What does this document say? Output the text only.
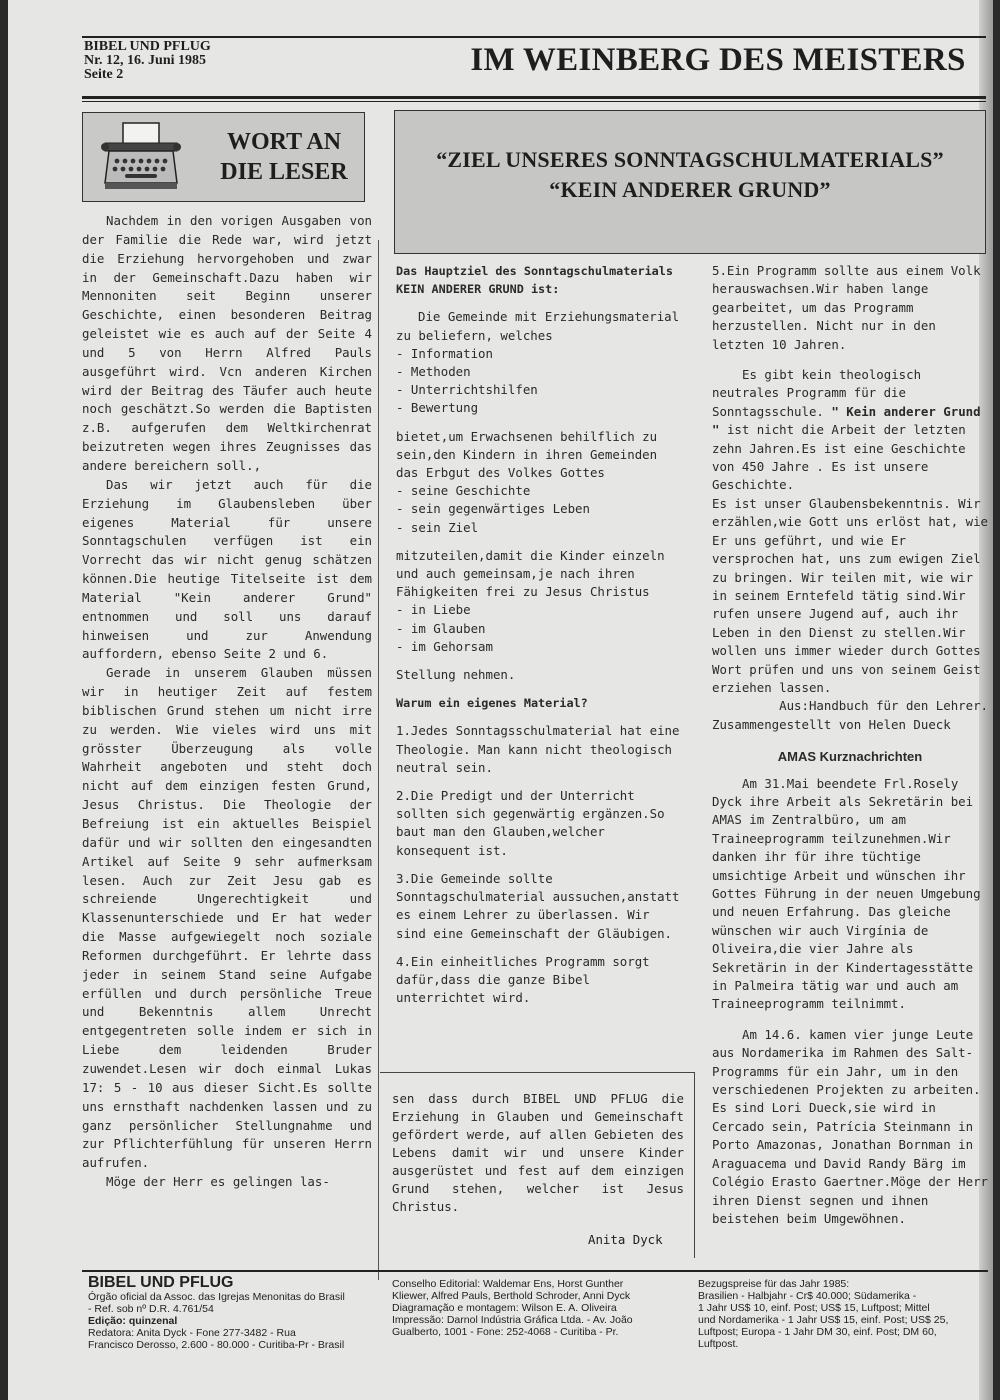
BIBEL UND PFLUG
Nr. 12, 16. Juni 1985
Seite 2	IM WEINBERG DES MEISTERS
WORT AN
DIE LESER	“ZIEL UNSERES SONNTAGSCHULMATERIALS”
“KEIN ANDERER GRUND”

Nachdem in den vorigen Ausgaben von der Familie die Rede war, wird jetzt die Erziehung hervorgehoben und zwar in der Gemeinschaft.Dazu haben wir Mennoniten seit Beginn unserer Geschichte, einen besonderen Beitrag geleistet wie es auch auf der Seite 4 und 5 von Herrn Alfred Pauls ausgeführt wird. Vcn anderen Kirchen wird der Beitrag des Täufer auch heute noch geschätzt.So werden die Baptisten z.B. aufgerufen dem Weltkirchenrat beizutreten wegen ihres Zeugnisses das andere bereichern soll.,

Das wir jetzt auch für die Erziehung im Glaubensleben über eigenes Material für unsere Sonntagschulen verfügen ist ein Vorrecht das wir nicht genug schätzen können.Die heutige Titelseite ist dem Material "Kein anderer Grund" entnommen und soll uns darauf hinweisen und zur Anwendung auffordern, ebenso Seite 2 und 6.

Gerade in unserem Glauben müssen wir in heutiger Zeit auf festem biblischen Grund stehen um nicht irre zu werden. Wie vieles wird uns mit grösster Überzeugung als volle Wahrheit angeboten und steht doch nicht auf dem einzigen festen Grund, Jesus Christus. Die Theologie der Befreiung ist ein aktuelles Beispiel dafür und wir sollten den eingesandten Artikel auf Seite 9 sehr aufmerksam lesen. Auch zur Zeit Jesu gab es schreiende Ungerechtigkeit und Klassenunterschiede und Er hat weder die Masse aufgewiegelt noch soziale Reformen durchgeführt. Er lehrte dass jeder in seinem Stand seine Aufgabe erfüllen und durch persönliche Treue und Bekenntnis allem Unrecht entgegentreten solle indem er sich in Liebe dem leidenden Bruder zuwendet.Lesen wir doch einmal Lukas 17: 5 - 10 aus dieser Sicht.Es sollte uns ernsthaft nachdenken lassen und zu ganz persönlicher Stellungnahme und zur Pflichterfühlung für unseren Herrn aufrufen.

Möge der Herr es gelingen las-

Das Hauptziel des Sonntagschulmaterials KEIN ANDERER GRUND ist:
Die Gemeinde mit Erziehungsmaterial zu beliefern, welches
- Information
- Methoden
- Unterrichtshilfen
- Bewertung
bietet,um Erwachsenen behilflich zu sein,den Kindern in ihren Gemeinden das Erbgut des Volkes Gottes
- seine Geschichte
- sein gegenwärtiges Leben
- sein Ziel
mitzuteilen,damit die Kinder einzeln und auch gemeinsam,je nach ihren Fähigkeiten frei zu Jesus Christus
- in Liebe
- im Glauben
- im Gehorsam
Stellung nehmen.
Warum ein eigenes Material?
1.Jedes Sonntagsschulmaterial hat eine Theologie. Man kann nicht theologisch neutral sein.
2.Die Predigt und der Unterricht sollten sich gegenwärtig ergänzen.So baut man den Glauben,welcher konsequent ist.
3.Die Gemeinde sollte Sonntagschulmaterial aussuchen,anstatt es einem Lehrer zu überlassen. Wir sind eine Gemeinschaft der Gläubigen.
4.Ein einheitliches Programm sorgt dafür,dass die ganze Bibel unterrichtet wird.

5.Ein Programm sollte aus einem Volk herauswachsen.Wir haben lange gearbeitet, um das Programm herzustellen. Nicht nur in den letzten 10 Jahren.

Es gibt kein theologisch neutrales Programm für die Sonntagsschule. " Kein anderer Grund " ist nicht die Arbeit der letzten zehn Jahren.Es ist eine Geschichte von 450 Jahre . Es ist unsere Geschichte.

Es ist unser Glaubensbekenntnis. Wir erzählen,wie Gott uns erlöst hat, wie Er uns geführt, und wie Er versprochen hat, uns zum ewigen Ziel zu bringen. Wir teilen mit, wie wir in seinem Erntefeld tätig sind.Wir rufen unsere Jugend auf, auch ihr Leben in den Dienst zu stellen.Wir wollen uns immer wieder durch Gottes Wort prüfen und uns von seinem Geist erziehen lassen.

Aus:Handbuch für den Lehrer.

Zusammengestellt von Helen Dueck

AMAS Kurznachrichten

Am 31.Mai beendete Frl.Rosely Dyck ihre Arbeit als Sekretärin bei AMAS im Zentralbüro, um am Traineeprogramm teilzunehmen.Wir danken ihr für ihre tüchtige umsichtige Arbeit und wünschen ihr Gottes Führung in der neuen Umgebung und neuen Erfahrung. Das gleiche wünschen wir auch Virgínia de Oliveira,die vier Jahre als Sekretärin in der Kindertagesstätte in Palmeira tätig war und auch am Traineeprogramm teilnimmt.

Am 14.6. kamen vier junge Leute aus Nordamerika im Rahmen des Salt-Programms für ein Jahr, um in den verschiedenen Projekten zu arbeiten. Es sind Lori Dueck,sie wird in Cercado sein, Patrícia Steinmann in Porto Amazonas, Jonathan Bornman in Araguacema und David Randy Bärg im Colégio Erasto Gaertner.Möge der Herr ihren Dienst segnen und ihnen beistehen beim Umgewöhnen.

sen dass durch BIBEL UND PFLUG die Erziehung in Glauben und Gemeinschaft gefördert werde, auf allen Gebieten des Lebens damit wir und unsere Kinder ausgerüstet und fest auf dem einzigen Grund stehen, welcher ist Jesus Christus.
Anita Dyck
BIBEL UND PFLUG
Órgão oficial da Assoc. das Igrejas Menonitas do Brasil
- Ref. sob nº D.R. 4.761/54
Edição: quinzenal
Redatora: Anita Dyck - Fone 277-3482 - Rua
Francisco Derosso, 2.600 - 80.000 - Curitiba-Pr - Brasil
Conselho Editorial: Waldemar Ens, Horst Gunther
Kliewer, Alfred Pauls, Berthold Schroder, Anni Dyck
Diagramação e montagem: Wilson E. A. Oliveira
Impressão: Darnol Indústria Gráfica Ltda. - Av. João
Gualberto, 1001 - Fone: 252-4068 - Curitiba - Pr.
Bezugspreise für das Jahr 1985:
Brasilien - Halbjahr - Cr$ 40.000; Südamerika -
1 Jahr US$ 10, einf. Post; US$ 15, Luftpost; Mittel
und Nordamerika - 1 Jahr US$ 15, einf. Post; US$ 25,
Luftpost; Europa - 1 Jahr DM 30, einf. Post; DM 60,
Luftpost.
